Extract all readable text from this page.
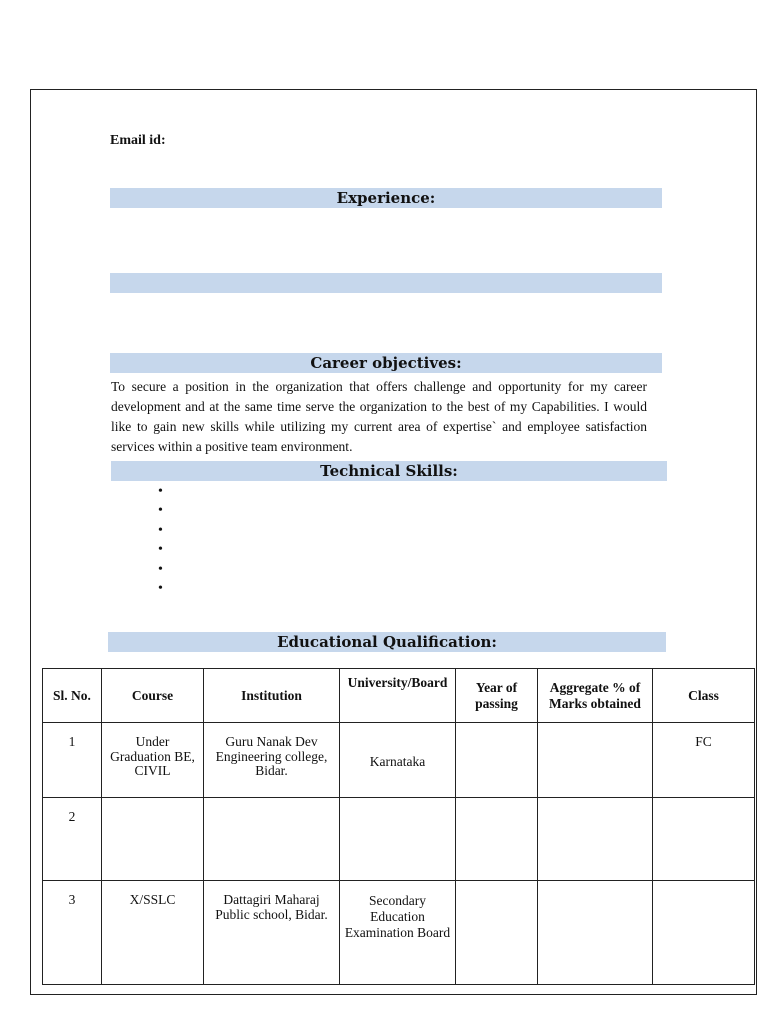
Email id:
Experience:
Career objectives:
To secure a position in the organization that offers challenge and opportunity for my career development and at the same time serve the organization to the best of my Capabilities. I would like to gain new skills while utilizing my current area of expertise` and employee satisfaction services within a positive team environment.
Technical Skills:
•
•
•
•
•
•
Educational Qualification:
Sl. No.	Course	Institution	University/Board	Year of passing	Aggregate % of Marks obtained	Class
1	Under Graduation BE, CIVIL	Guru Nanak Dev Engineering college, Bidar.	Karnataka			FC
2						
3	X/SSLC	Dattagiri Maharaj Public school, Bidar.	Secondary Education Examination Board			
